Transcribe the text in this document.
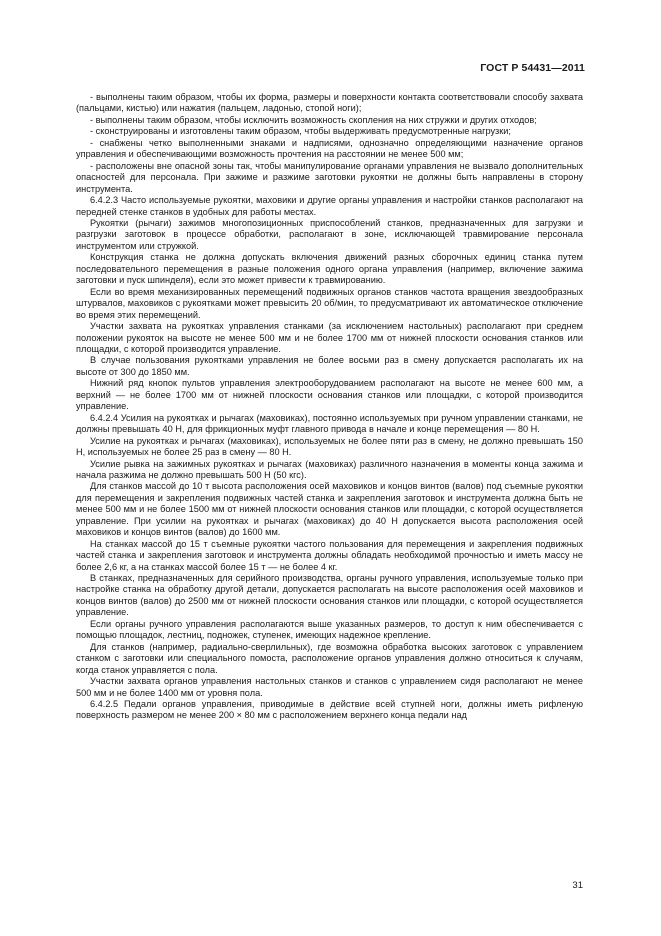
ГОСТ Р 54431—2011

- выполнены таким образом, чтобы их форма, размеры и поверхности контакта соответствовали способу захвата (пальцами, кистью) или нажатия (пальцем, ладонью, стопой ноги);

- выполнены таким образом, чтобы исключить возможность скопления на них стружки и других отходов;

- сконструированы и изготовлены таким образом, чтобы выдерживать предусмотренные нагрузки;

- снабжены четко выполненными знаками и надписями, однозначно определяющими назначение органов управления и обеспечивающими возможность прочтения на расстоянии не менее 500 мм;

- расположены вне опасной зоны так, чтобы манипулирование органами управления не вызвало дополнительных опасностей для персонала. При зажиме и разжиме заготовки рукоятки не должны быть направлены в сторону инструмента.

6.4.2.3 Часто используемые рукоятки, маховики и другие органы управления и настройки станков располагают на передней стенке станков в удобных для работы местах.

Рукоятки (рычаги) зажимов многопозиционных приспособлений станков, предназначенных для загрузки и разгрузки заготовок в процессе обработки, располагают в зоне, исключающей травмирование персонала инструментом или стружкой.

Конструкция станка не должна допускать включения движений разных сборочных единиц станка путем последовательного перемещения в разные положения одного органа управления (например, включение зажима заготовки и пуск шпинделя), если это может привести к травмированию.

Если во время механизированных перемещений подвижных органов станков частота вращения звездообразных штурвалов, маховиков с рукоятками может превысить 20 об/мин, то предусматривают их автоматическое отключение во время этих перемещений.

Участки захвата на рукоятках управления станками (за исключением настольных) располагают при среднем положении рукояток на высоте не менее 500 мм и не более 1700 мм от нижней плоскости основания станков или площадки, с которой производится управление.

В случае пользования рукоятками управления не более восьми раз в смену допускается располагать их на высоте от 300 до 1850 мм.

Нижний ряд кнопок пультов управления электрооборудованием располагают на высоте не менее 600 мм, а верхний — не более 1700 мм от нижней плоскости основания станков или площадки, с которой производится управление.

6.4.2.4 Усилия на рукоятках и рычагах (маховиках), постоянно используемых при ручном управлении станками, не должны превышать 40 Н, для фрикционных муфт главного привода в начале и конце перемещения — 80 Н.

Усилие на рукоятках и рычагах (маховиках), используемых не более пяти раз в смену, не должно превышать 150 Н, используемых не более 25 раз в смену — 80 Н.

Усилие рывка на зажимных рукоятках и рычагах (маховиках) различного назначения в моменты конца зажима и начала разжима не должно превышать 500 Н (50 кгс).

Для станков массой до 10 т высота расположения осей маховиков и концов винтов (валов) под съемные рукоятки для перемещения и закрепления подвижных частей станка и закрепления заготовок и инструмента должна быть не менее 500 мм и не более 1500 мм от нижней плоскости основания станков или площадки, с которой осуществляется управление. При усилии на рукоятках и рычагах (маховиках) до 40 Н допускается высота расположения осей маховиков и концов винтов (валов) до 1600 мм.

На станках массой до 15 т съемные рукоятки частого пользования для перемещения и закрепления подвижных частей станка и закрепления заготовок и инструмента должны обладать необходимой прочностью и иметь массу не более 2,6 кг, а на станках массой более 15 т — не более 4 кг.

В станках, предназначенных для серийного производства, органы ручного управления, используемые только при настройке станка на обработку другой детали, допускается располагать на высоте расположения осей маховиков и концов винтов (валов) до 2500 мм от нижней плоскости основания станков или площадки, с которой осуществляется управление.

Если органы ручного управления располагаются выше указанных размеров, то доступ к ним обеспечивается с помощью площадок, лестниц, подножек, ступенек, имеющих надежное крепление.

Для станков (например, радиально-сверлильных), где возможна обработка высоких заготовок с управлением станком с заготовки или специального помоста, расположение органов управления должно относиться к случаям, когда станок управляется с пола.

Участки захвата органов управления настольных станков и станков с управлением сидя располагают не менее 500 мм и не более 1400 мм от уровня пола.

6.4.2.5 Педали органов управления, приводимые в действие всей ступней ноги, должны иметь рифленую поверхность размером не менее 200 × 80 мм с расположением верхнего конца педали над

31
